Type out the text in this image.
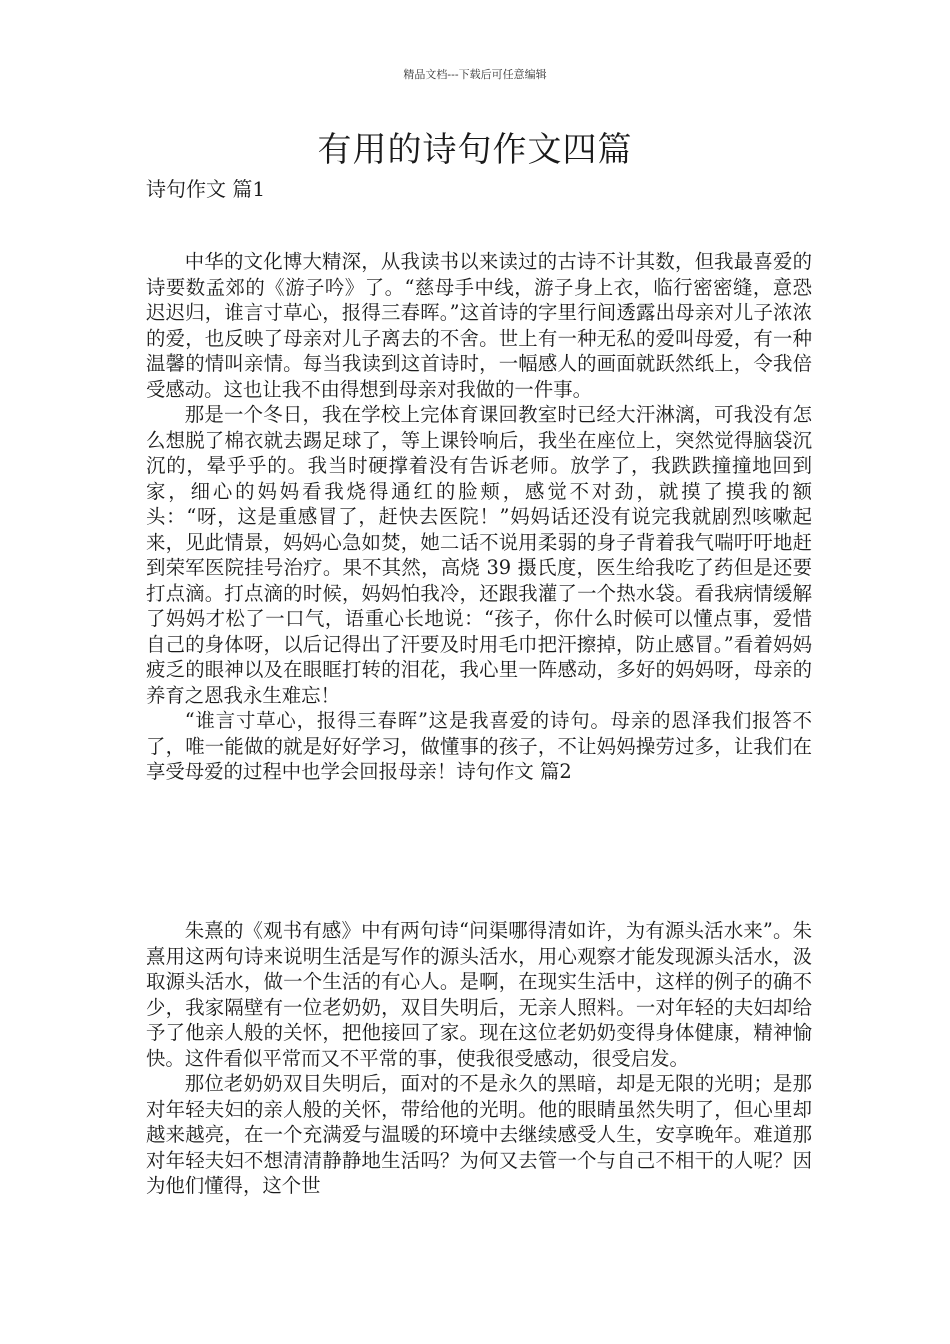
精品文档---下载后可任意编辑
有用的诗句作文四篇
诗句作文 篇1

中华的文化博大精深，从我读书以来读过的古诗不计其数，但我最喜爱的诗要数孟郊的《游子吟》了。“慈母手中线，游子身上衣，临行密密缝，意恐迟迟归，谁言寸草心，报得三春晖。”这首诗的字里行间透露出母亲对儿子浓浓的爱，也反映了母亲对儿子离去的不舍。世上有一种无私的爱叫母爱，有一种温馨的情叫亲情。每当我读到这首诗时，一幅感人的画面就跃然纸上，令我倍受感动。这也让我不由得想到母亲对我做的一件事。

那是一个冬日，我在学校上完体育课回教室时已经大汗淋漓，可我没有怎么想脱了棉衣就去踢足球了，等上课铃响后，我坐在座位上，突然觉得脑袋沉沉的，晕乎乎的。我当时硬撑着没有告诉老师。放学了，我跌跌撞撞地回到家，细心的妈妈看我烧得通红的脸颊，感觉不对劲，就摸了摸我的额头：“呀，这是重感冒了，赶快去医院！”妈妈话还没有说完我就剧烈咳嗽起来，见此情景，妈妈心急如焚，她二话不说用柔弱的身子背着我气喘吁吁地赶到荣军医院挂号治疗。果不其然，高烧 39 摄氏度，医生给我吃了药但是还要打点滴。打点滴的时候，妈妈怕我冷，还跟我灌了一个热水袋。看我病情缓解了妈妈才松了一口气，语重心长地说：“孩子，你什么时候可以懂点事，爱惜自己的身体呀，以后记得出了汗要及时用毛巾把汗擦掉，防止感冒。”看着妈妈疲乏的眼神以及在眼眶打转的泪花，我心里一阵感动，多好的妈妈呀，母亲的养育之恩我永生难忘！

“谁言寸草心，报得三春晖”这是我喜爱的诗句。母亲的恩泽我们报答不了，唯一能做的就是好好学习，做懂事的孩子，不让妈妈操劳过多，让我们在享受母爱的过程中也学会回报母亲！诗句作文 篇2

朱熹的《观书有感》中有两句诗“问渠哪得清如许，为有源头活水来”。朱熹用这两句诗来说明生活是写作的源头活水，用心观察才能发现源头活水，汲取源头活水，做一个生活的有心人。是啊，在现实生活中，这样的例子的确不少，我家隔壁有一位老奶奶，双目失明后，无亲人照料。一对年轻的夫妇却给予了他亲人般的关怀，把他接回了家。现在这位老奶奶变得身体健康，精神愉快。这件看似平常而又不平常的事，使我很受感动，很受启发。

那位老奶奶双目失明后，面对的不是永久的黑暗，却是无限的光明；是那对年轻夫妇的亲人般的关怀，带给他的光明。他的眼睛虽然失明了，但心里却越来越亮，在一个充满爱与温暖的环境中去继续感受人生，安享晚年。难道那对年轻夫妇不想清清静静地生活吗？为何又去管一个与自己不相干的人呢？因为他们懂得，这个世
